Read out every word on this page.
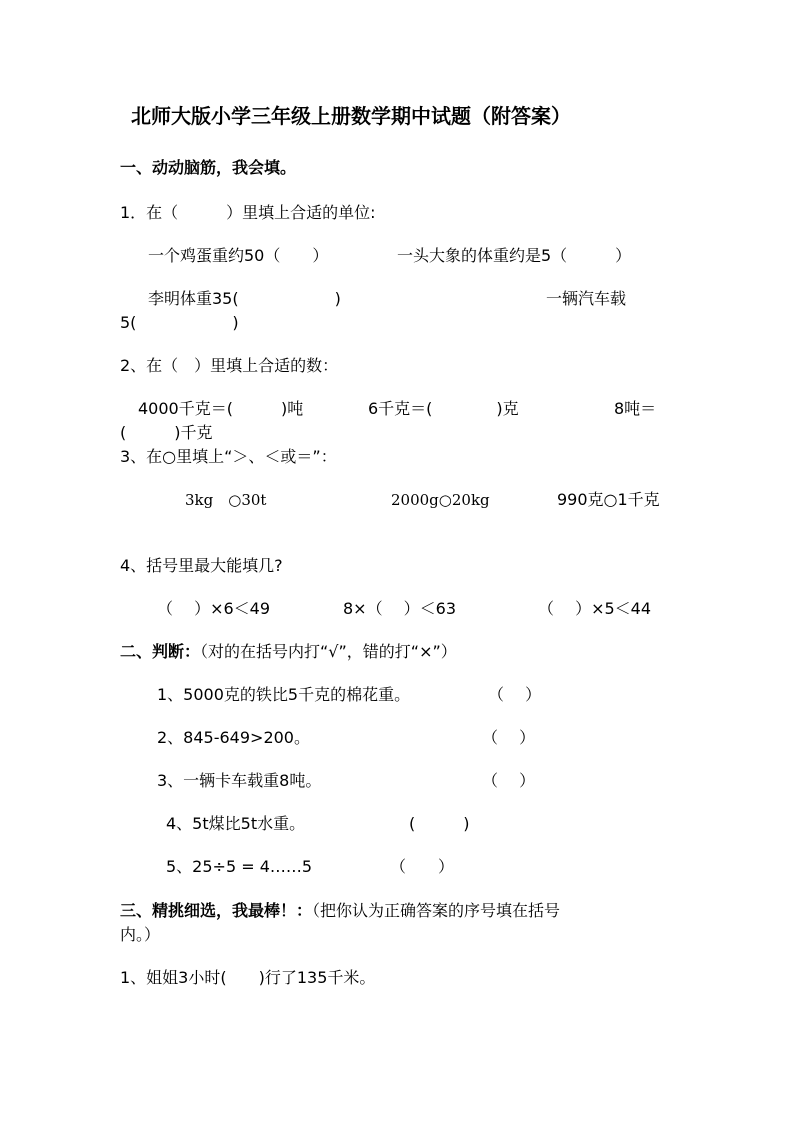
北师大版小学三年级上册数学期中试题（附答案）
一、动动脑筋，我会填。
1．在（　　　）里填上合适的单位:
一个鸡蛋重约50（　　）	一头大象的体重约是5（　　　）
李明体重35(　　　　　　)	一辆汽车载
5(　　　　　　)
2、在（　）里填上合适的数：
4000千克＝(　　　)吨	6千克＝(　　　　)克	8吨＝
(　　　)千克
3、在○里填上“＞、＜或＝”：
3kg　○30t	2000g○20kg	990克○1千克
4、括号里最大能填几?
（　 ）×6＜49	8×（　 ）＜63	（　 ）×5＜44
二、判断：（对的在括号内打“√”，错的打“×”）
1、5000克的铁比5千克的棉花重。	（　 ）
2、845-649>200。	（　 ）
3、一辆卡车载重8吨。	（　 ）
4、5t煤比5t水重。	(　　　)
5、25÷5 = 4……5	（　　）
三、精挑细选，我最棒！：（把你认为正确答案的序号填在括号
内。）
1、姐姐3小时(　　)行了135千米。
